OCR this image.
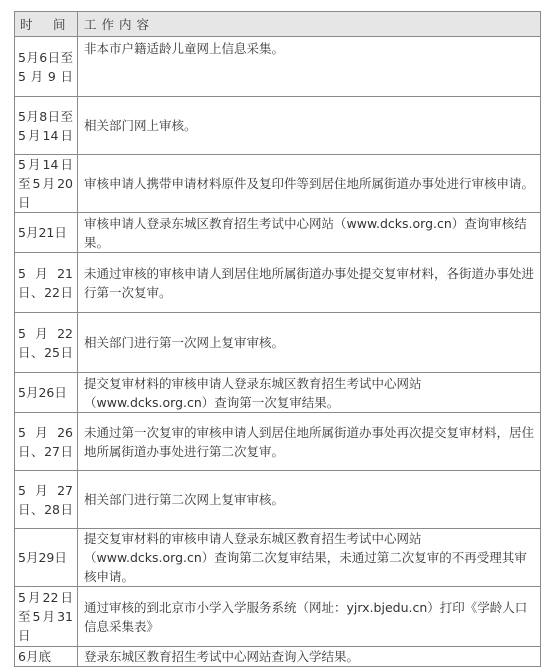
时　间	工作内容
5月6日至5月9日	非本市户籍适龄儿童网上信息采集。
5月8日至5月14日	相关部门网上审核。
5月14日至5月20日	审核申请人携带申请材料原件及复印件等到居住地所属街道办事处进行审核申请。
5月21日	审核申请人登录东城区教育招生考试中心网站（www.dcks.org.cn）查询审核结果。
5月21日、22日	未通过审核的审核申请人到居住地所属街道办事处提交复审材料，各街道办事处进行第一次复审。
5月22日、25日	相关部门进行第一次网上复审审核。
5月26日	提交复审材料的审核申请人登录东城区教育招生考试中心网站（www.dcks.org.cn）查询第一次复审结果。
5月26日、27日	未通过第一次复审的审核申请人到居住地所属街道办事处再次提交复审材料，居住地所属街道办事处进行第二次复审。
5月27日、28日	相关部门进行第二次网上复审审核。
5月29日	提交复审材料的审核申请人登录东城区教育招生考试中心网站（www.dcks.org.cn）查询第二次复审结果，未通过第二次复审的不再受理其审核申请。
5月22日至5月31日	通过审核的到北京市小学入学服务系统（网址：yjrx.bjedu.cn）打印《学龄人口信息采集表》
6月底	登录东城区教育招生考试中心网站查询入学结果。
